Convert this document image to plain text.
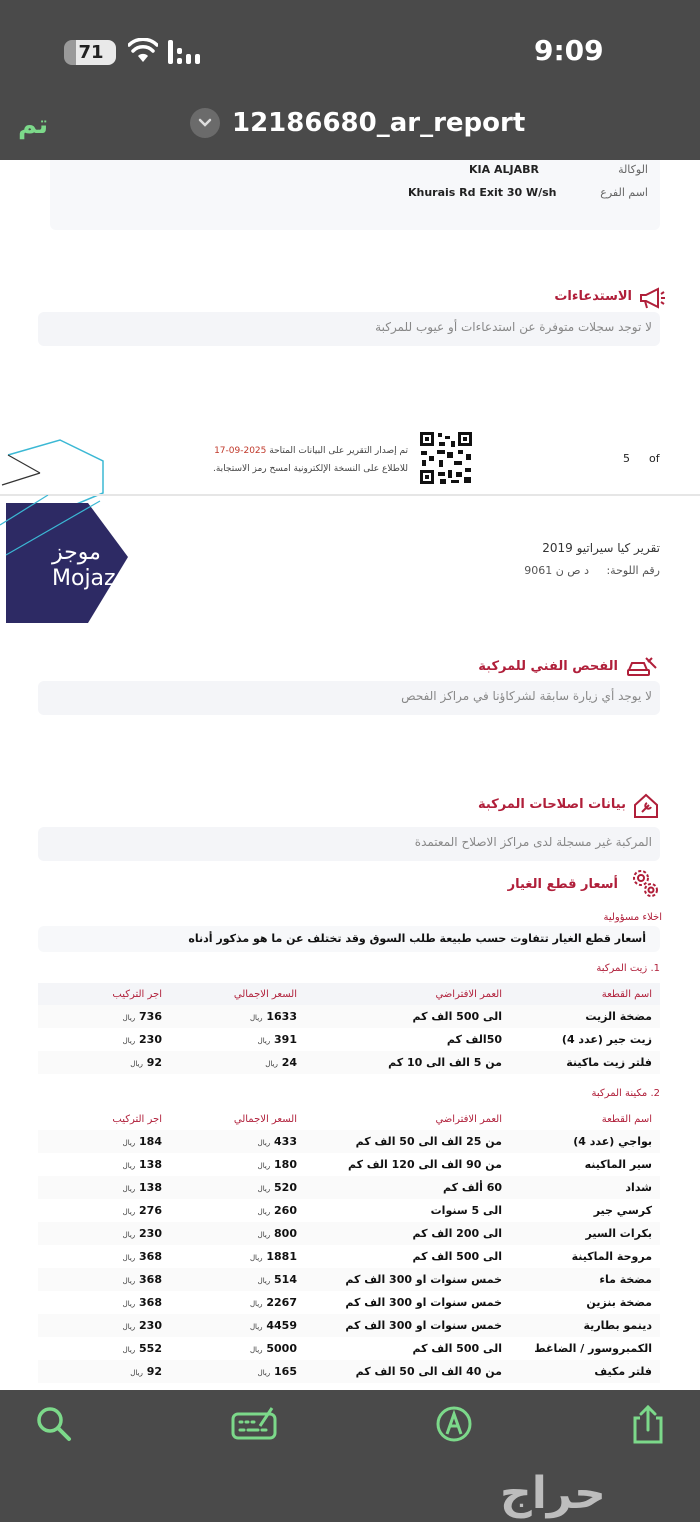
71	9:09
تم	12186680_ar_report
الوكالة
KIA ALJABR
اسم الفرع
Khurais Rd Exit 30 W/sh
الاستدعاءات
لا توجد سجلات متوفرة عن استدعاءات أو عيوب للمركبة
تم إصدار التقرير على البيانات المتاحة 2025-09-17
للاطلاع على النسخة الإلكترونية امسح رمز الاستجابة.
5 of
موجز
Mojaz
تقرير كيا سيراتيو 2019
رقم اللوحة: د ص ن 9061
الفحص الفني للمركبة
لا يوجد أي زيارة سابقة لشركاؤنا في مراكز الفحص
بيانات اصلاحات المركبة
المركبة غير مسجلة لدى مراكز الاصلاح المعتمدة
أسعار قطع الغيار
اخلاء مسؤولية
أسعار قطع الغيار تتفاوت حسب طبيعة طلب السوق وقد تختلف عن ما هو مذكور أدناه
1. زيت المركبة
اسم القطعة	العمر الافتراضي	السعر الاجمالي	اجر التركيب
مضخة الزيت	الى 500 الف كم	1633 ريال	736 ريال
زيت جير (عدد 4)	50الف كم	391 ريال	230 ريال
فلتر زيت ماكينة	من 5 الف الى 10 كم	24 ريال	92 ريال
2. مكينة المركبة
اسم القطعة	العمر الافتراضي	السعر الاجمالي	اجر التركيب
بواجي (عدد 4)	من 25 الف الى 50 الف كم	433 ريال	184 ريال
سير الماكينه	من 90 الف الى 120 الف كم	180 ريال	138 ريال
شداد	60 ألف كم	520 ريال	138 ريال
كرسي جير	الى 5 سنوات	260 ريال	276 ريال
بكرات السير	الى 200 الف كم	800 ريال	230 ريال
مروحة الماكينة	الى 500 الف كم	1881 ريال	368 ريال
مضخة ماء	خمس سنوات او 300 الف كم	514 ريال	368 ريال
مضخة بنزين	خمس سنوات او 300 الف كم	2267 ريال	368 ريال
دينمو بطارية	خمس سنوات او 300 الف كم	4459 ريال	230 ريال
الكمبروسور / الضاغط	الى 500 الف كم	5000 ريال	552 ريال
فلتر مكيف	من 40 الف الى 50 الف كم	165 ريال	92 ريال
حراج
